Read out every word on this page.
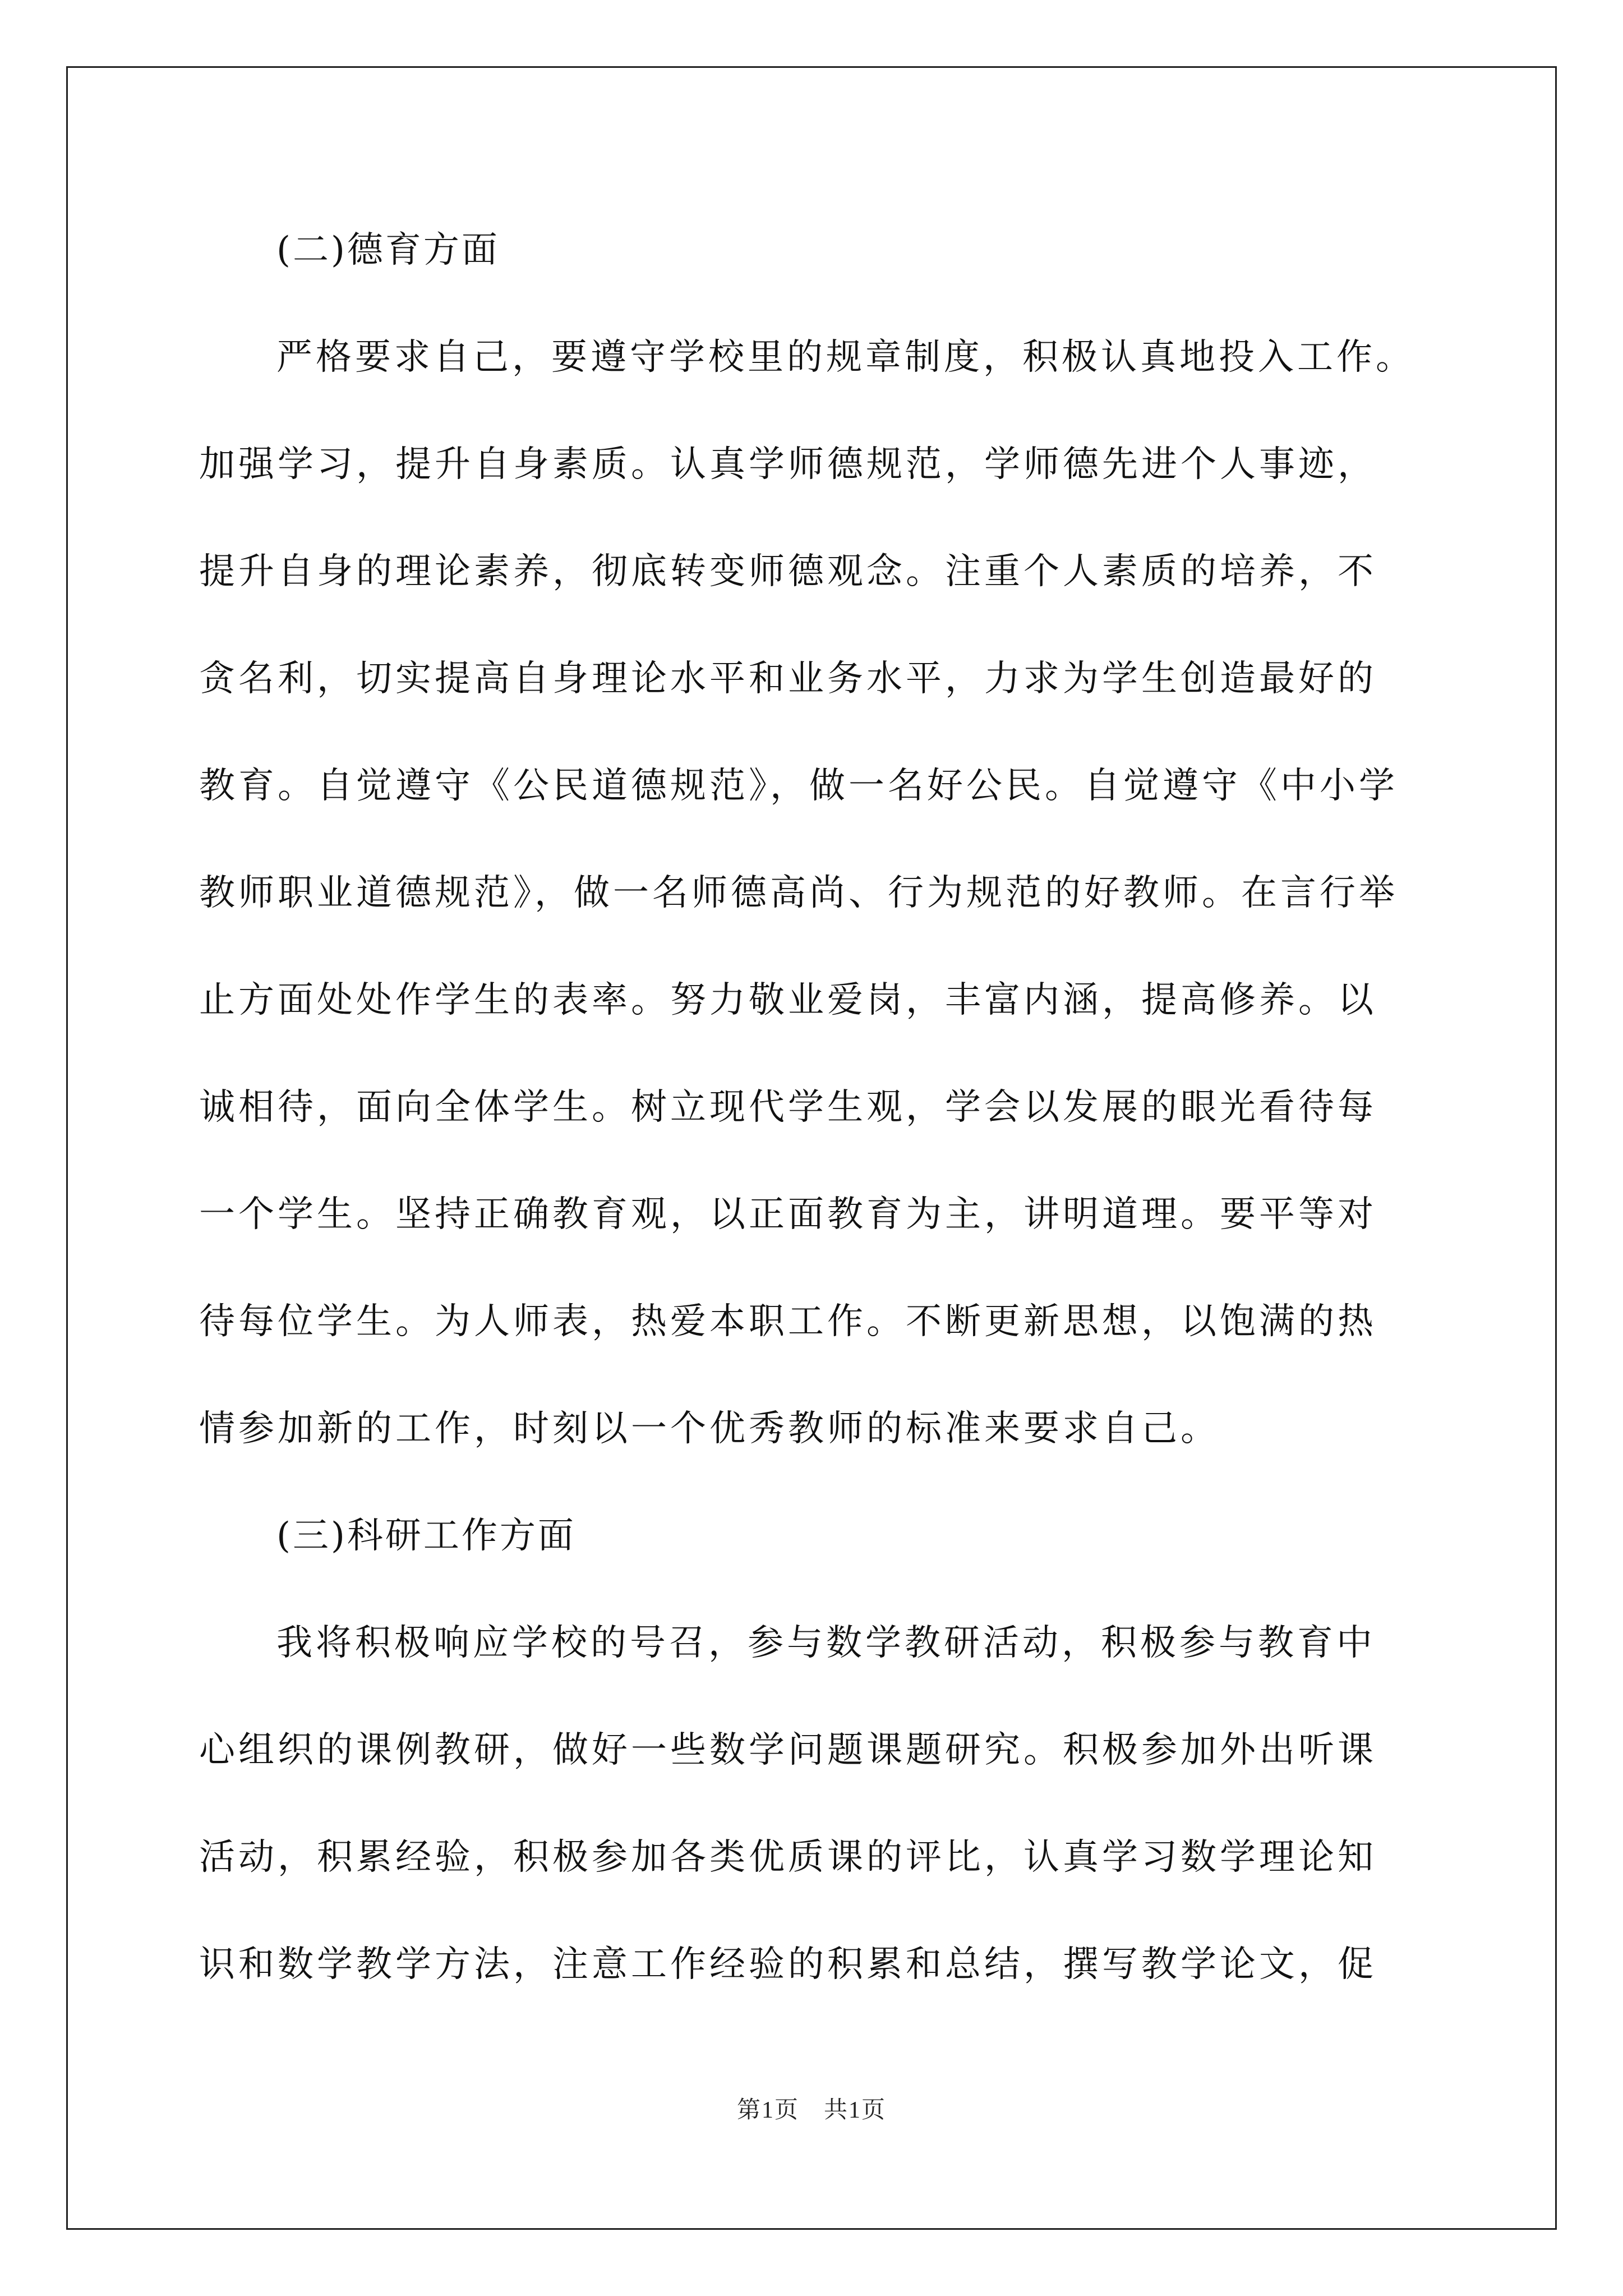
(二)德育方面
严格要求自己，要遵守学校里的规章制度，积极认真地投入工作。
加强学习，提升自身素质。认真学师德规范，学师德先进个人事迹，
提升自身的理论素养，彻底转变师德观念。注重个人素质的培养，不
贪名利，切实提高自身理论水平和业务水平，力求为学生创造最好的
教育。自觉遵守《公民道德规范》，做一名好公民。自觉遵守《中小学
教师职业道德规范》，做一名师德高尚、行为规范的好教师。在言行举
止方面处处作学生的表率。努力敬业爱岗，丰富内涵，提高修养。以
诚相待，面向全体学生。树立现代学生观，学会以发展的眼光看待每
一个学生。坚持正确教育观，以正面教育为主，讲明道理。要平等对
待每位学生。为人师表，热爱本职工作。不断更新思想，以饱满的热
情参加新的工作，时刻以一个优秀教师的标准来要求自己。
(三)科研工作方面
我将积极响应学校的号召，参与数学教研活动，积极参与教育中
心组织的课例教研，做好一些数学问题课题研究。积极参加外出听课
活动，积累经验，积极参加各类优质课的评比，认真学习数学理论知
识和数学教学方法，注意工作经验的积累和总结，撰写教学论文，促
第1页　共1页
